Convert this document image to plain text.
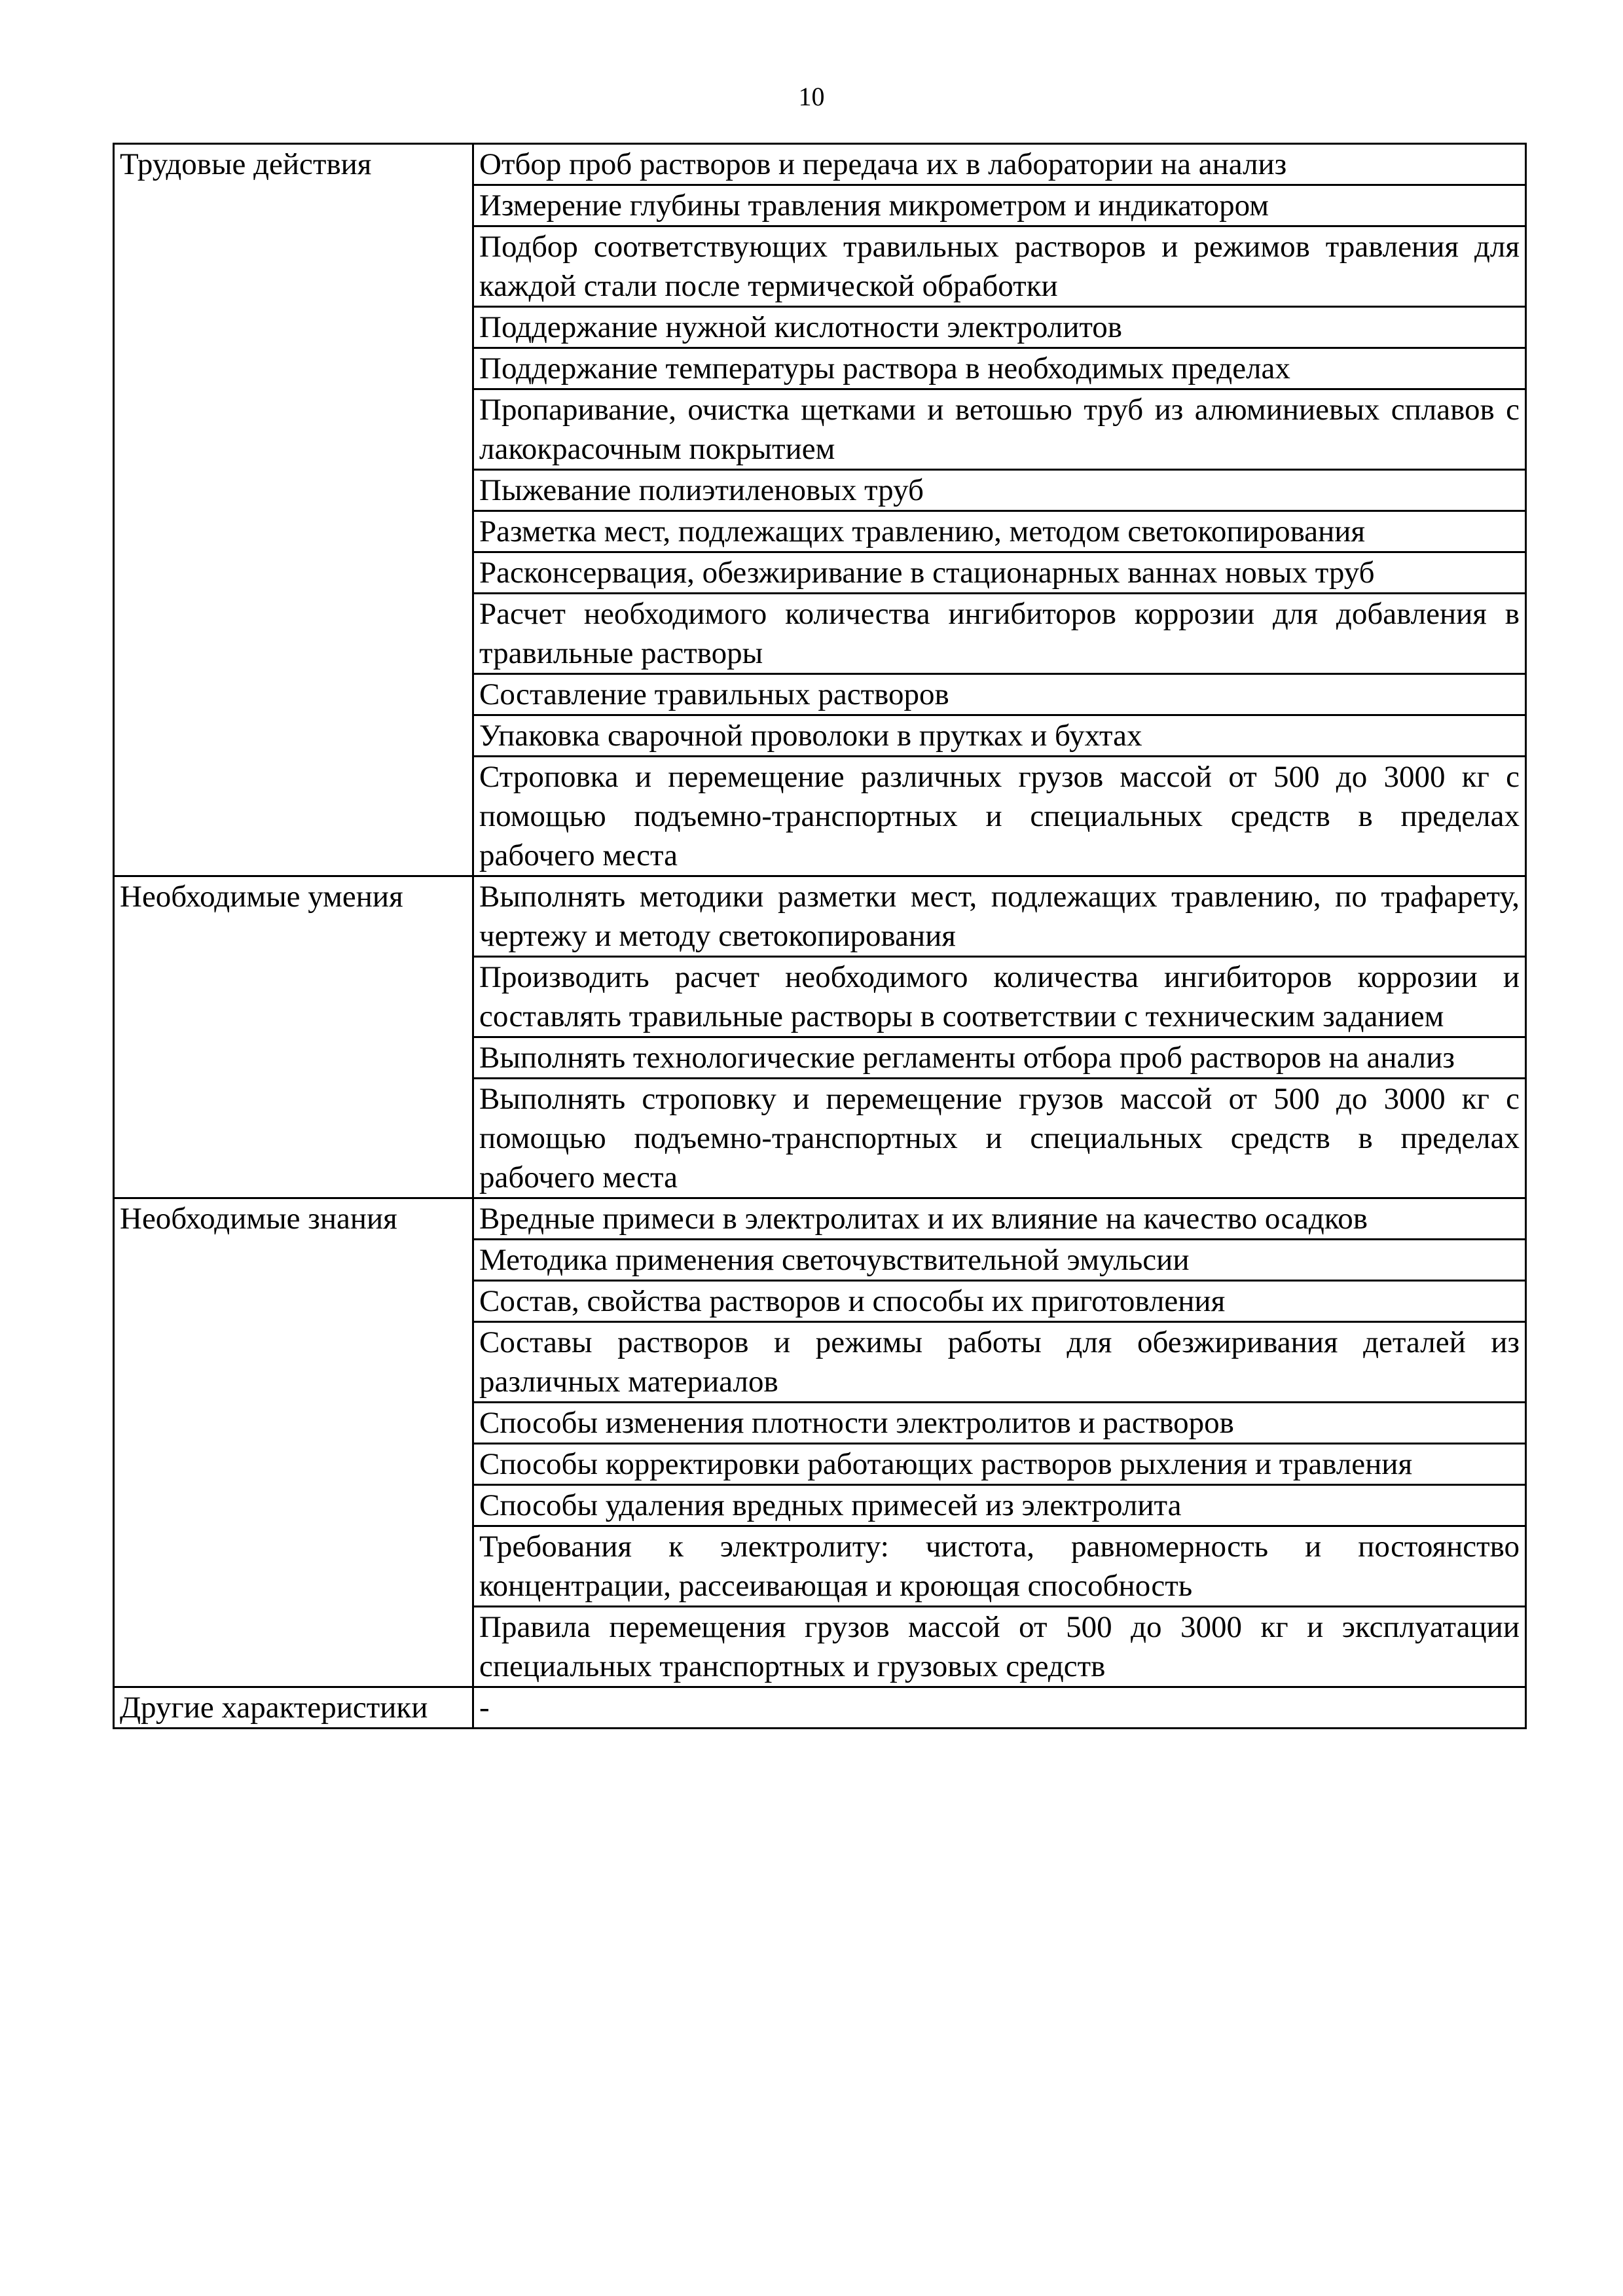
10
Трудовые действия	Отбор проб растворов и передача их в лаборатории на анализ
	Измерение глубины травления микрометром и индикатором
	Подбор соответствующих травильных растворов и режимов травления для каждой стали после термической обработки
	Поддержание нужной кислотности электролитов
	Поддержание температуры раствора в необходимых пределах
	Пропаривание, очистка щетками и ветошью труб из алюминиевых сплавов с лакокрасочным покрытием
	Пыжевание полиэтиленовых труб
	Разметка мест, подлежащих травлению, методом светокопирования
	Расконсервация, обезжиривание в стационарных ваннах новых труб
	Расчет необходимого количества ингибиторов коррозии для добавления в травильные растворы
	Составление травильных растворов
	Упаковка сварочной проволоки в прутках и бухтах
	Строповка и перемещение различных грузов массой от 500 до 3000 кг с помощью подъемно-транспортных и специальных средств в пределах рабочего места
Необходимые умения	Выполнять методики разметки мест, подлежащих травлению, по трафарету, чертежу и методу светокопирования
	Производить расчет необходимого количества ингибиторов коррозии и составлять травильные растворы в соответствии с техническим заданием
	Выполнять технологические регламенты отбора проб растворов на анализ
	Выполнять строповку и перемещение грузов массой от 500 до 3000 кг с помощью подъемно-транспортных и специальных средств в пределах рабочего места
Необходимые знания	Вредные примеси в электролитах и их влияние на качество осадков
	Методика применения светочувствительной эмульсии
	Состав, свойства растворов и способы их приготовления
	Составы растворов и режимы работы для обезжиривания деталей из различных материалов
	Способы изменения плотности электролитов и растворов
	Способы корректировки работающих растворов рыхления и травления
	Способы удаления вредных примесей из электролита
	Требования к электролиту: чистота, равномерность и постоянство концентрации, рассеивающая и кроющая способность
	Правила перемещения грузов массой от 500 до 3000 кг и эксплуатации специальных транспортных и грузовых средств
Другие характеристики	-
